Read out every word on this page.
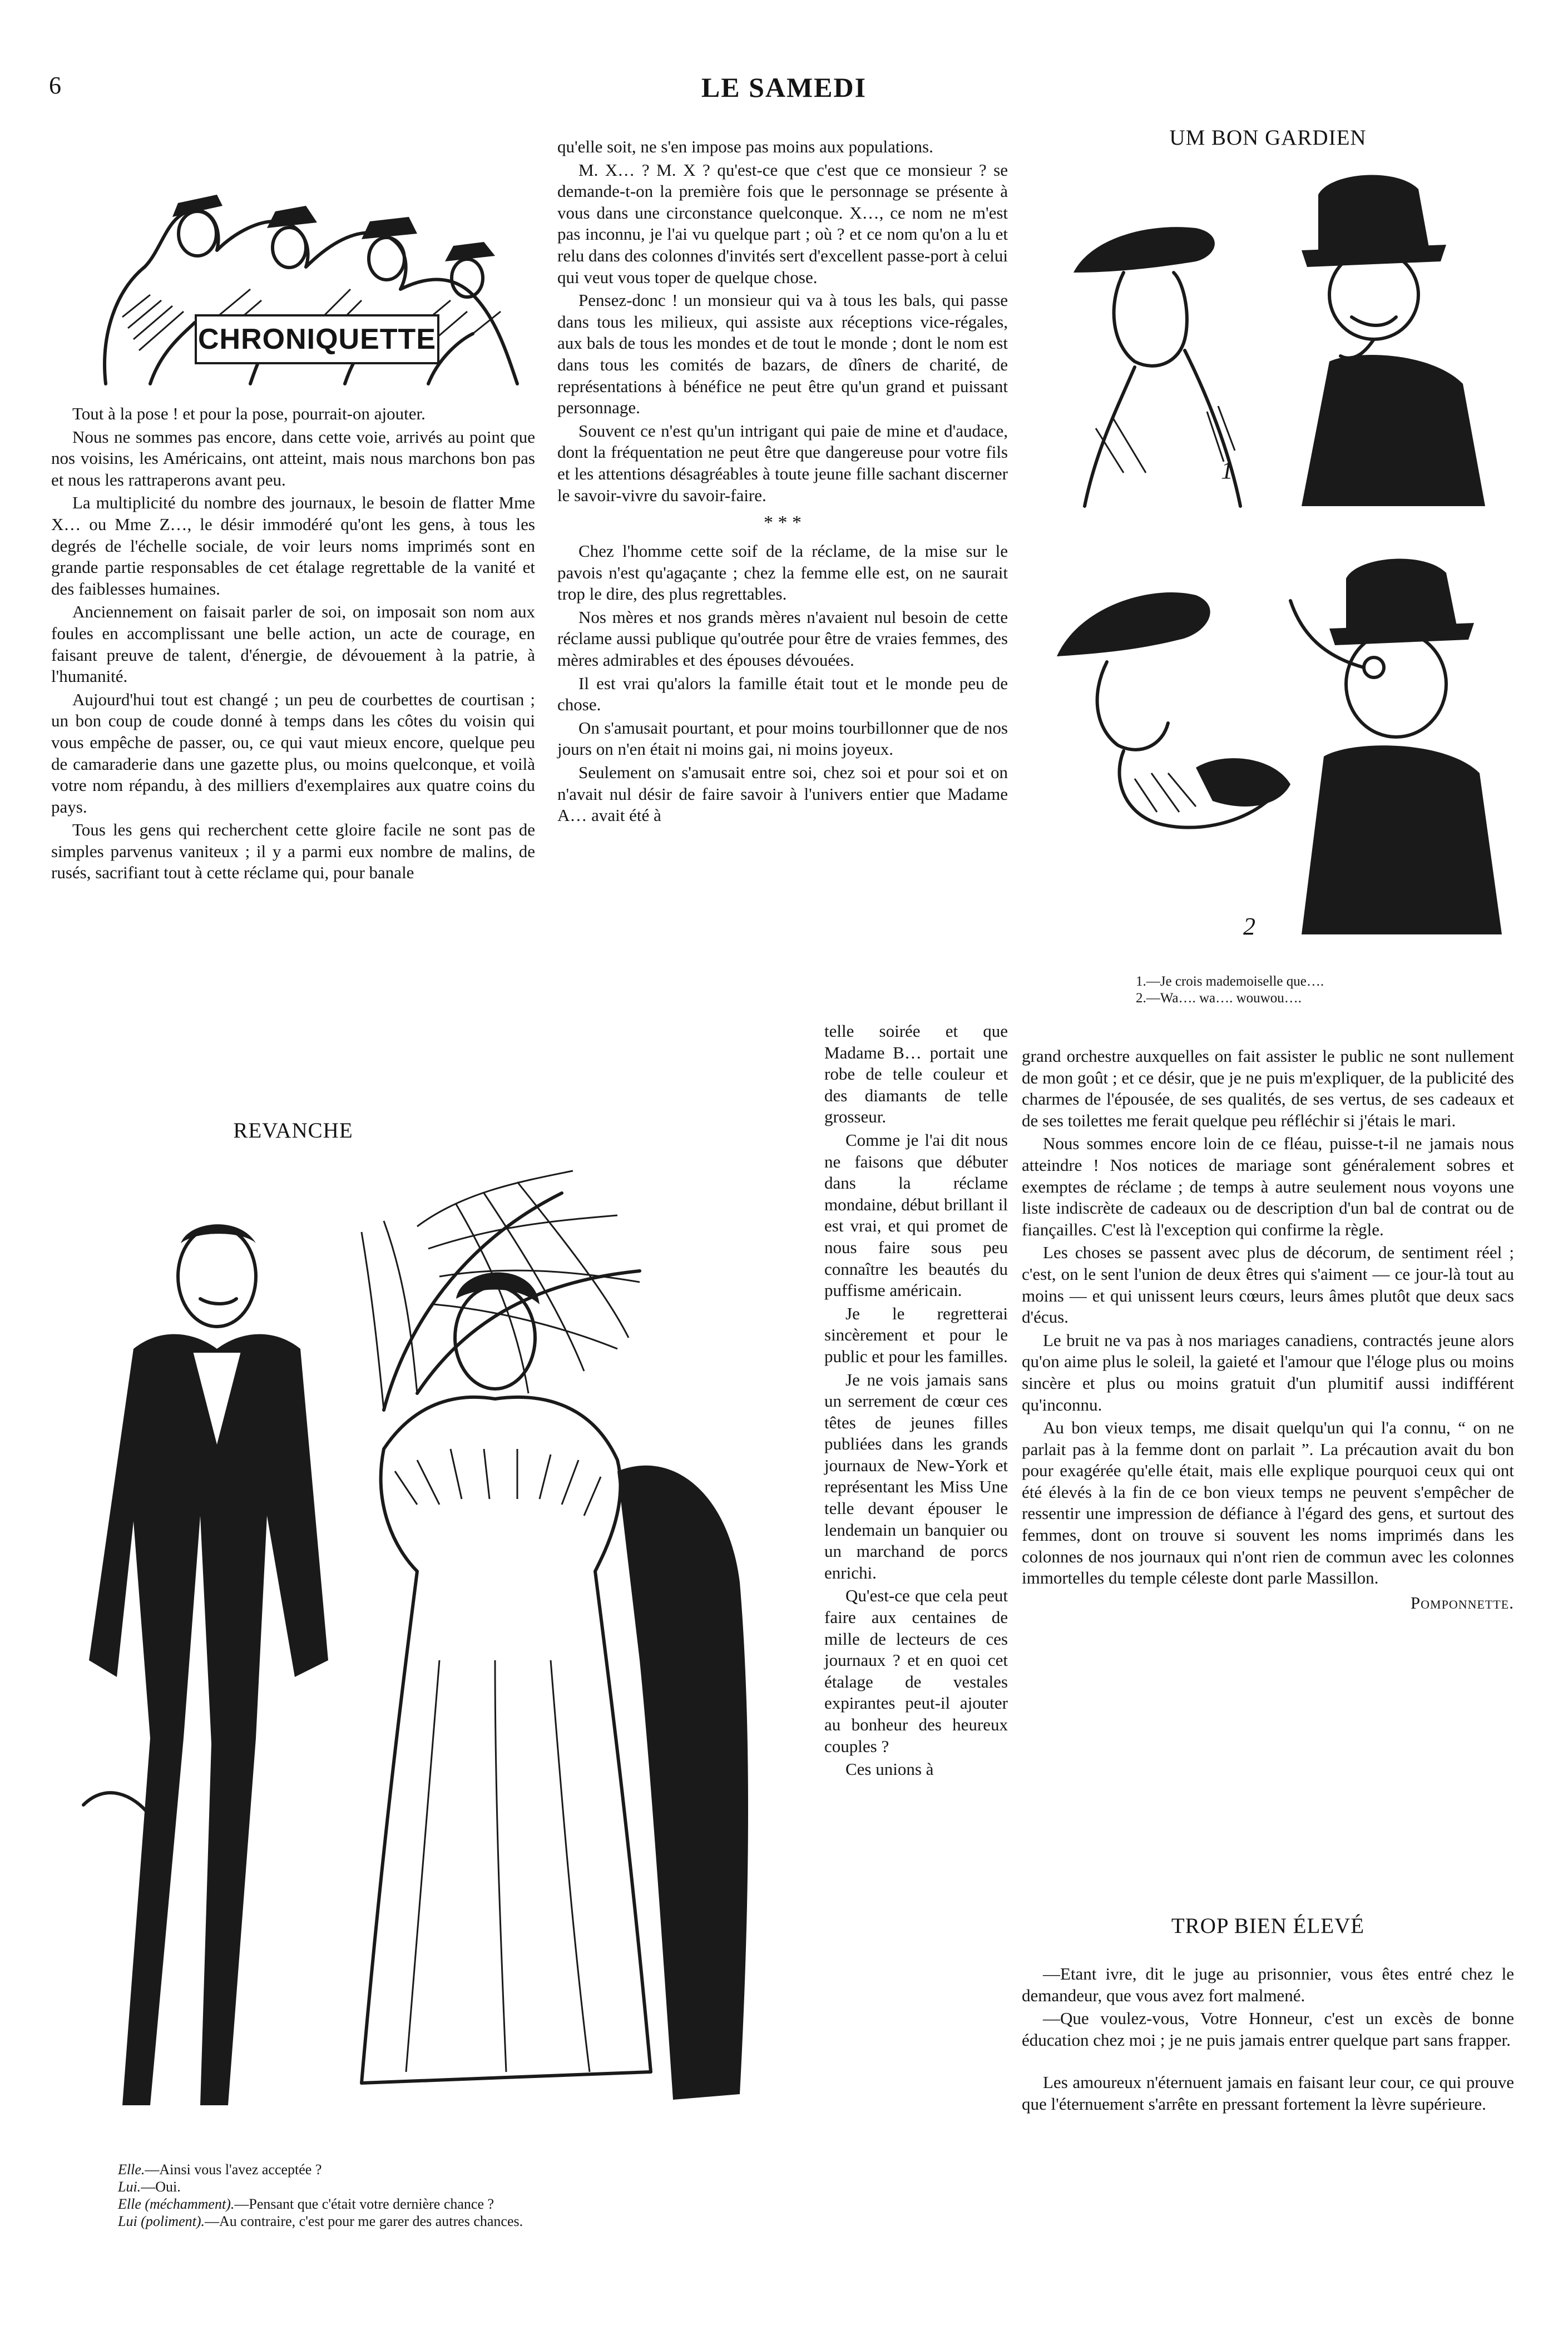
6	LE SAMEDI
CHRONIQUETTE

Tout à la pose ! et pour la pose, pourrait-on ajouter.

Nous ne sommes pas encore, dans cette voie, arrivés au point que nos voisins, les Américains, ont atteint, mais nous marchons bon pas et nous les rattraperons avant peu.

La multiplicité du nombre des journaux, le besoin de flatter Mme X… ou Mme Z…, le désir immodéré qu'ont les gens, à tous les degrés de l'échelle sociale, de voir leurs noms imprimés sont en grande partie responsables de cet étalage regrettable de la vanité et des faiblesses humaines.

Anciennement on faisait parler de soi, on imposait son nom aux foules en accomplissant une belle action, un acte de courage, en faisant preuve de talent, d'énergie, de dévouement à la patrie, à l'humanité.

Aujourd'hui tout est changé ; un peu de courbettes de courtisan ; un bon coup de coude donné à temps dans les côtes du voisin qui vous empêche de passer, ou, ce qui vaut mieux encore, quelque peu de camaraderie dans une gazette plus, ou moins quelconque, et voilà votre nom répandu, à des milliers d'exemplaires aux quatre coins du pays.

Tous les gens qui recherchent cette gloire facile ne sont pas de simples parvenus vaniteux ; il y a parmi eux nombre de malins, de rusés, sacrifiant tout à cette réclame qui, pour banale

qu'elle soit, ne s'en impose pas moins aux populations.

M. X… ? M. X ? qu'est-ce que c'est que ce monsieur ? se demande-t-on la première fois que le personnage se présente à vous dans une circonstance quelconque. X…, ce nom ne m'est pas inconnu, je l'ai vu quelque part ; où ? et ce nom qu'on a lu et relu dans des colonnes d'invités sert d'excellent passe-port à celui qui veut vous toper de quelque chose.

Pensez-donc ! un monsieur qui va à tous les bals, qui passe dans tous les milieux, qui assiste aux réceptions vice-régales, aux bals de tous les mondes et de tout le monde ; dont le nom est dans tous les comités de bazars, de dîners de charité, de représentations à bénéfice ne peut être qu'un grand et puissant personnage.

Souvent ce n'est qu'un intrigant qui paie de mine et d'audace, dont la fréquentation ne peut être que dangereuse pour votre fils et les attentions désagréables à toute jeune fille sachant discerner le savoir-vivre du savoir-faire.

* * *

Chez l'homme cette soif de la réclame, de la mise sur le pavois n'est qu'agaçante ; chez la femme elle est, on ne saurait trop le dire, des plus regrettables.

Nos mères et nos grands mères n'avaient nul besoin de cette réclame aussi publique qu'outrée pour être de vraies femmes, des mères admirables et des épouses dévouées.

Il est vrai qu'alors la famille était tout et le monde peu de chose.

On s'amusait pourtant, et pour moins tourbillonner que de nos jours on n'en était ni moins gai, ni moins joyeux.

Seulement on s'amusait entre soi, chez soi et pour soi et on n'avait nul désir de faire savoir à l'univers entier que Madame A… avait été à

telle soirée et que Madame B… portait une robe de telle couleur et des diamants de telle grosseur.

Comme je l'ai dit nous ne faisons que débuter dans la réclame mondaine, début brillant il est vrai, et qui promet de nous faire sous peu connaître les beautés du puffisme américain.

Je le regretterai sincèrement et pour le public et pour les familles.

Je ne vois jamais sans un serrement de cœur ces têtes de jeunes filles publiées dans les grands journaux de New-York et représentant les Miss Une telle devant épouser le lendemain un banquier ou un marchand de porcs enrichi.

Qu'est-ce que cela peut faire aux centaines de mille de lecteurs de ces journaux ? et en quoi cet étalage de vestales expirantes peut-il ajouter au bonheur des heureux couples ?

Ces unions à

REVANCHE
Elle.—Ainsi vous l'avez acceptée ?
Lui.—Oui.
Elle (méchamment).—Pensant que c'était votre dernière chance ?
Lui (poliment).—Au contraire, c'est pour me garer des autres chances.
UM BON GARDIEN
1
2
1.—Je crois mademoiselle que….
2.—Wa…. wa…. wouwou….

grand orchestre auxquelles on fait assister le public ne sont nullement de mon goût ; et ce désir, que je ne puis m'expliquer, de la publicité des charmes de l'épousée, de ses qualités, de ses vertus, de ses cadeaux et de ses toilettes me ferait quelque peu réfléchir si j'étais le mari.

Nous sommes encore loin de ce fléau, puisse-t-il ne jamais nous atteindre ! Nos notices de mariage sont généralement sobres et exemptes de réclame ; de temps à autre seulement nous voyons une liste indiscrète de cadeaux ou de description d'un bal de contrat ou de fiançailles. C'est là l'exception qui confirme la règle.

Les choses se passent avec plus de décorum, de sentiment réel ; c'est, on le sent l'union de deux êtres qui s'aiment — ce jour-là tout au moins — et qui unissent leurs cœurs, leurs âmes plutôt que deux sacs d'écus.

Le bruit ne va pas à nos mariages canadiens, contractés jeune alors qu'on aime plus le soleil, la gaieté et l'amour que l'éloge plus ou moins sincère et plus ou moins gratuit d'un plumitif aussi indifférent qu'inconnu.

Au bon vieux temps, me disait quelqu'un qui l'a connu, “ on ne parlait pas à la femme dont on parlait ”. La précaution avait du bon pour exagérée qu'elle était, mais elle explique pourquoi ceux qui ont été élevés à la fin de ce bon vieux temps ne peuvent s'empêcher de ressentir une impression de défiance à l'égard des gens, et surtout des femmes, dont on trouve si souvent les noms imprimés dans les colonnes de nos journaux qui n'ont rien de commun avec les colonnes immortelles du temple céleste dont parle Massillon.

Pomponnette.
TROP BIEN ÉLEVÉ

—Etant ivre, dit le juge au prisonnier, vous êtes entré chez le demandeur, que vous avez fort malmené.

—Que voulez-vous, Votre Honneur, c'est un excès de bonne éducation chez moi ; je ne puis jamais entrer quelque part sans frapper.

Les amoureux n'éternuent jamais en faisant leur cour, ce qui prouve que l'éternuement s'arrête en pressant fortement la lèvre supérieure.
